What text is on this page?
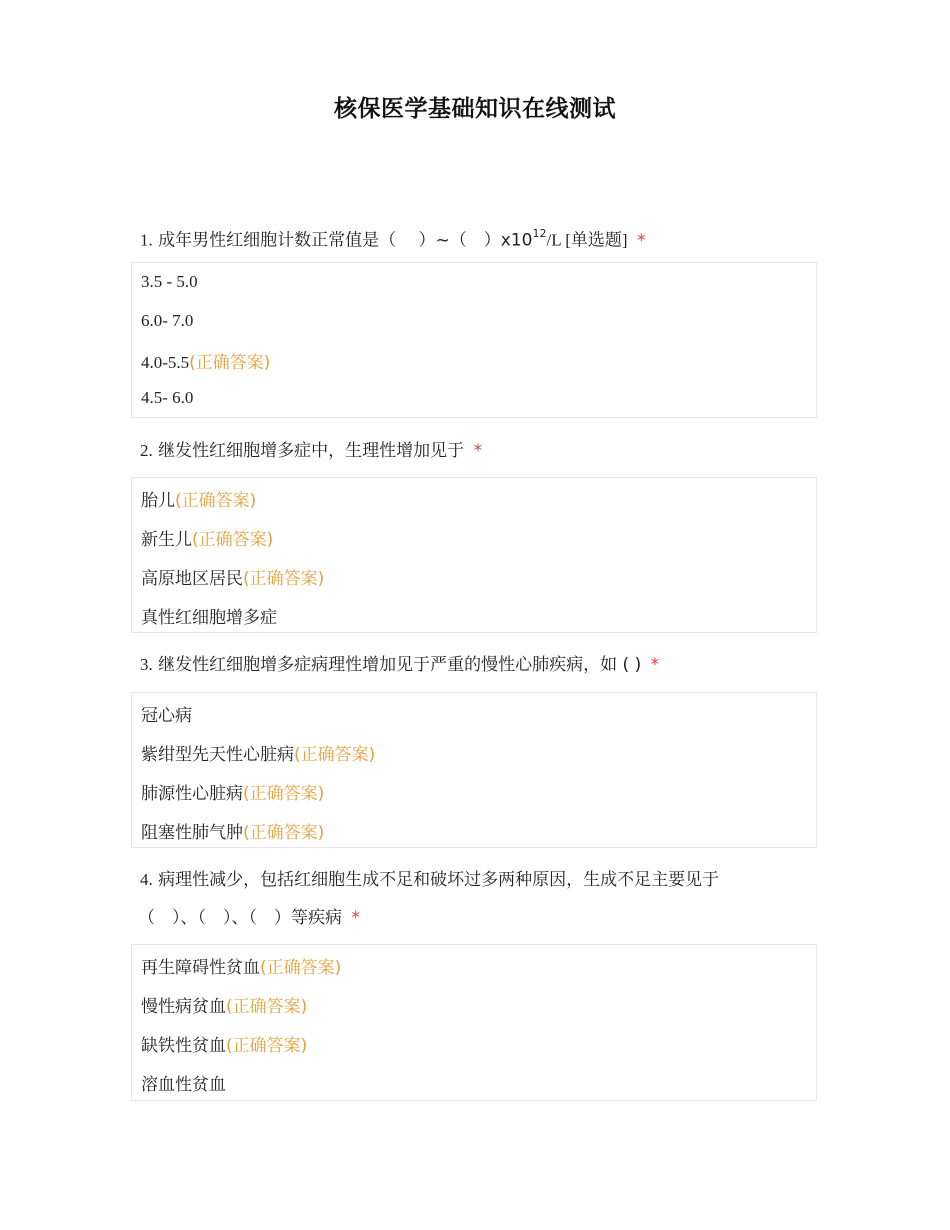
核保医学基础知识在线测试
1. 成年男性红细胞计数正常值是（　 ）~（　）$x10^{12}/L$ [单选题] *
3.5 - 5.0
6.0- 7.0
4.0-5.5(正确答案)
4.5- 6.0
2. 继发性红细胞增多症中，生理性增加见于 *
胎儿(正确答案)
新生儿(正确答案)
高原地区居民(正确答案)
真性红细胞增多症
3. 继发性红细胞增多症病理性增加见于严重的慢性心肺疾病，如 ( ) *
冠心病
紫绀型先天性心脏病(正确答案)
肺源性心脏病(正确答案)
阻塞性肺气肿(正确答案)
4. 病理性减少，包括红细胞生成不足和破坏过多两种原因，生成不足主要见于
（　）、（　）、（　）等疾病 *
再生障碍性贫血(正确答案)
慢性病贫血(正确答案)
缺铁性贫血(正确答案)
溶血性贫血
